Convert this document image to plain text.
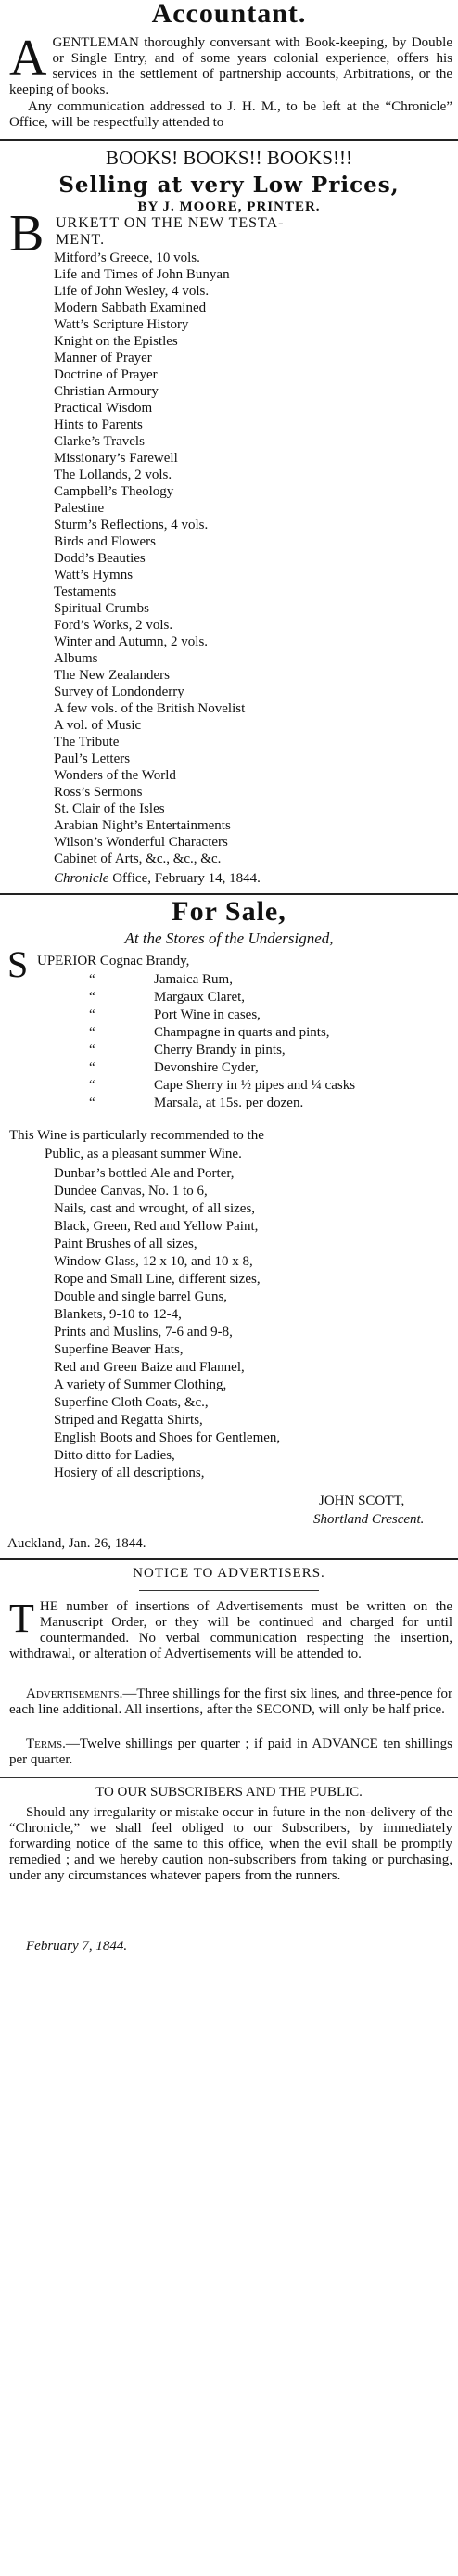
Accountant.
A GENTLEMAN thoroughly conversant with Book-keeping, by Double or Single Entry, and of some years colonial experience, offers his services in the settlement of partnership accounts, Arbitrations, or the keeping of books.
Any communication addressed to J. H. M., to be left at the “Chronicle” Office, will be respectfully attended to
BOOKS! BOOKS!! BOOKS!!!
Selling at very Low Prices,
BY J. MOORE, PRINTER.
B URKETT ON THE NEW TESTA-
MENT.
Mitford’s Greece, 10 vols.
Life and Times of John Bunyan
Life of John Wesley, 4 vols.
Modern Sabbath Examined
Watt’s Scripture History
Knight on the Epistles
Manner of Prayer
Doctrine of Prayer
Christian Armoury
Practical Wisdom
Hints to Parents
Clarke’s Travels
Missionary’s Farewell
The Lollands, 2 vols.
Campbell’s Theology
Palestine
Sturm’s Reflections, 4 vols.
Birds and Flowers
Dodd’s Beauties
Watt’s Hymns
Testaments
Spiritual Crumbs
Ford’s Works, 2 vols.
Winter and Autumn, 2 vols.
Albums
The New Zealanders
Survey of Londonderry
A few vols. of the British Novelist
A vol. of Music
The Tribute
Paul’s Letters
Wonders of the World
Ross’s Sermons
St. Clair of the Isles
Arabian Night’s Entertainments
Wilson’s Wonderful Characters
Cabinet of Arts, &c., &c., &c.
Chronicle Office, February 14, 1844.
For Sale,
At the Stores of the Undersigned,
S UPERIOR Cognac Brandy,
“	Jamaica Rum,
“	Margaux Claret,
“	Port Wine in cases,
“	Champagne in quarts and pints,
“	Cherry Brandy in pints,
“	Devonshire Cyder,
“	Cape Sherry in ½ pipes and ¼ casks
“	Marsala, at 15s. per dozen.
This Wine is particularly recommended to the
Public, as a pleasant summer Wine.
Dunbar’s bottled Ale and Porter,
Dundee Canvas, No. 1 to 6,
Nails, cast and wrought, of all sizes,
Black, Green, Red and Yellow Paint,
Paint Brushes of all sizes,
Window Glass, 12 x 10, and 10 x 8,
Rope and Small Line, different sizes,
Double and single barrel Guns,
Blankets, 9-10 to 12-4,
Prints and Muslins, 7-6 and 9-8,
Superfine Beaver Hats,
Red and Green Baize and Flannel,
A variety of Summer Clothing,
Superfine Cloth Coats, &c.,
Striped and Regatta Shirts,
English Boots and Shoes for Gentlemen,
Ditto ditto for Ladies,
Hosiery of all descriptions,
JOHN SCOTT,
Shortland Crescent.
Auckland, Jan. 26, 1844.
NOTICE TO ADVERTISERS.
T HE number of insertions of Advertisements must be written on the Manuscript Order, or they will be continued and charged for until countermanded. No verbal communication respecting the insertion, withdrawal, or alteration of Advertisements will be attended to.
Advertisements.—Three shillings for the first six lines, and three-pence for each line additional. All insertions, after the SECOND, will only be half price.
Terms.—Twelve shillings per quarter ; if paid in ADVANCE ten shillings per quarter.
TO OUR SUBSCRIBERS AND THE PUBLIC.
Should any irregularity or mistake occur in future in the non-delivery of the “Chronicle,” we shall feel obliged to our Subscribers, by immediately forwarding notice of the same to this office, when the evil shall be promptly remedied ; and we hereby caution non-subscribers from taking or purchasing, under any circumstances whatever papers from the runners.
February 7, 1844.
